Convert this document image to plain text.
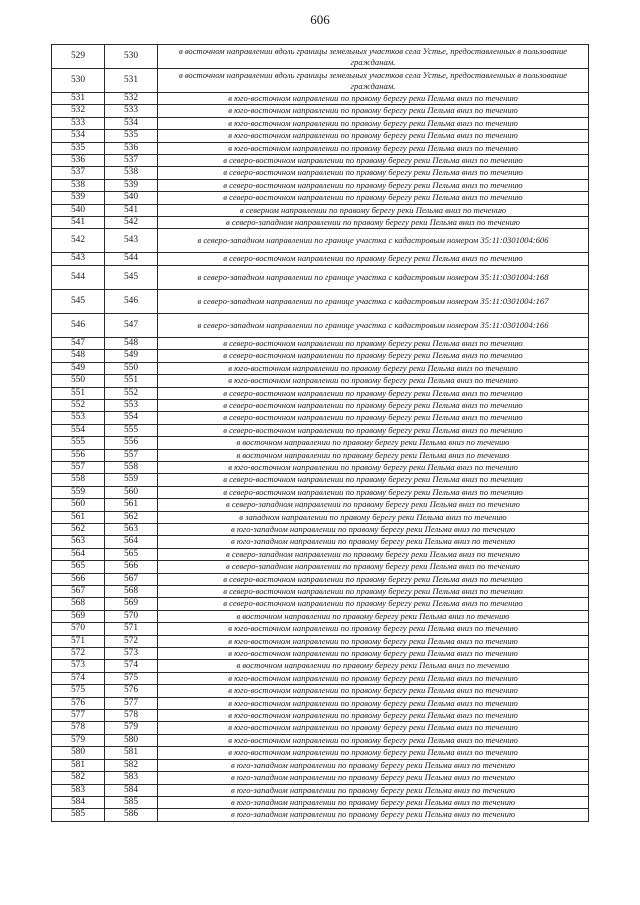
606
529	530	в восточном направлении вдоль границы земельных участков села Устье, предоставленных в пользование гражданам.
530	531	в восточном направлении вдоль границы земельных участков села Устье, предоставленных в пользование гражданам.
531	532	в юго-восточном направлении по правому берегу реки Пельма вниз по течению
532	533	в юго-восточном направлении по правому берегу реки Пельма вниз по течению
533	534	в юго-восточном направлении по правому берегу реки Пельма вниз по течению
534	535	в юго-восточном направлении по правому берегу реки Пельма вниз по течению
535	536	в юго-восточном направлении по правому берегу реки Пельма вниз по течению
536	537	в северо-восточном направлении по правому берегу реки Пельма вниз по течению
537	538	в северо-восточном направлении по правому берегу реки Пельма вниз по течению
538	539	в северо-восточном направлении по правому берегу реки Пельма вниз по течению
539	540	в северо-восточном направлении по правому берегу реки Пельма вниз по течению
540	541	в северном направлении по правому берегу реки Пельма вниз по течению
541	542	в северо-западном направлении по правому берегу реки Пельма вниз по течению
542	543	в северо-западном направлении по границе участка с кадастровым номером 35:11:0301004:606
543	544	в северо-восточном направлении по правому берегу реки Пельма вниз по течению
544	545	в северо-западном направлении по границе участка с кадастровым номером 35:11:0301004:168
545	546	в северо-западном направлении по границе участка с кадастровым номером 35:11:0301004:167
546	547	в северо-западном направлении по границе участка с кадастровым номером 35:11:0301004:166
547	548	в северо-восточном направлении по правому берегу реки Пельма вниз по течению
548	549	в северо-восточном направлении по правому берегу реки Пельма вниз по течению
549	550	в юго-восточном направлении по правому берегу реки Пельма вниз по течению
550	551	в юго-восточном направлении по правому берегу реки Пельма вниз по течению
551	552	в северо-восточном направлении по правому берегу реки Пельма вниз по течению
552	553	в северо-восточном направлении по правому берегу реки Пельма вниз по течению
553	554	в северо-восточном направлении по правому берегу реки Пельма вниз по течению
554	555	в северо-восточном направлении по правому берегу реки Пельма вниз по течению
555	556	в восточном направлении по правому берегу реки Пельма вниз по течению
556	557	в восточном направлении по правому берегу реки Пельма вниз по течению
557	558	в юго-восточном направлении по правому берегу реки Пельма вниз по течению
558	559	в северо-восточном направлении по правому берегу реки Пельма вниз по течению
559	560	в северо-восточном направлении по правому берегу реки Пельма вниз по течению
560	561	в северо-западном направлении по правому берегу реки Пельма вниз по течению
561	562	в западном направлении по правому берегу реки Пельма вниз по течению
562	563	в юго-западном направлении по правому берегу реки Пельма вниз по течению
563	564	в юго-западном направлении по правому берегу реки Пельма вниз по течению
564	565	в северо-западном направлении по правому берегу реки Пельма вниз по течению
565	566	в северо-западном направлении по правому берегу реки Пельма вниз по течению
566	567	в северо-восточном направлении по правому берегу реки Пельма вниз по течению
567	568	в северо-восточном направлении по правому берегу реки Пельма вниз по течению
568	569	в северо-восточном направлении по правому берегу реки Пельма вниз по течению
569	570	в восточном направлении по правому берегу реки Пельма вниз по течению
570	571	в юго-восточном направлении по правому берегу реки Пельма вниз по течению
571	572	в юго-восточном направлении по правому берегу реки Пельма вниз по течению
572	573	в юго-восточном направлении по правому берегу реки Пельма вниз по течению
573	574	в восточном направлении по правому берегу реки Пельма вниз по течению
574	575	в юго-восточном направлении по правому берегу реки Пельма вниз по течению
575	576	в юго-восточном направлении по правому берегу реки Пельма вниз по течению
576	577	в юго-восточном направлении по правому берегу реки Пельма вниз по течению
577	578	в юго-восточном направлении по правому берегу реки Пельма вниз по течению
578	579	в юго-восточном направлении по правому берегу реки Пельма вниз по течению
579	580	в юго-восточном направлении по правому берегу реки Пельма вниз по течению
580	581	в юго-восточном направлении по правому берегу реки Пельма вниз по течению
581	582	в юго-западном направлении по правому берегу реки Пельма вниз по течению
582	583	в юго-западном направлении по правому берегу реки Пельма вниз по течению
583	584	в юго-западном направлении по правому берегу реки Пельма вниз по течению
584	585	в юго-западном направлении по правому берегу реки Пельма вниз по течению
585	586	в юго-западном направлении по правому берегу реки Пельма вниз по течению
